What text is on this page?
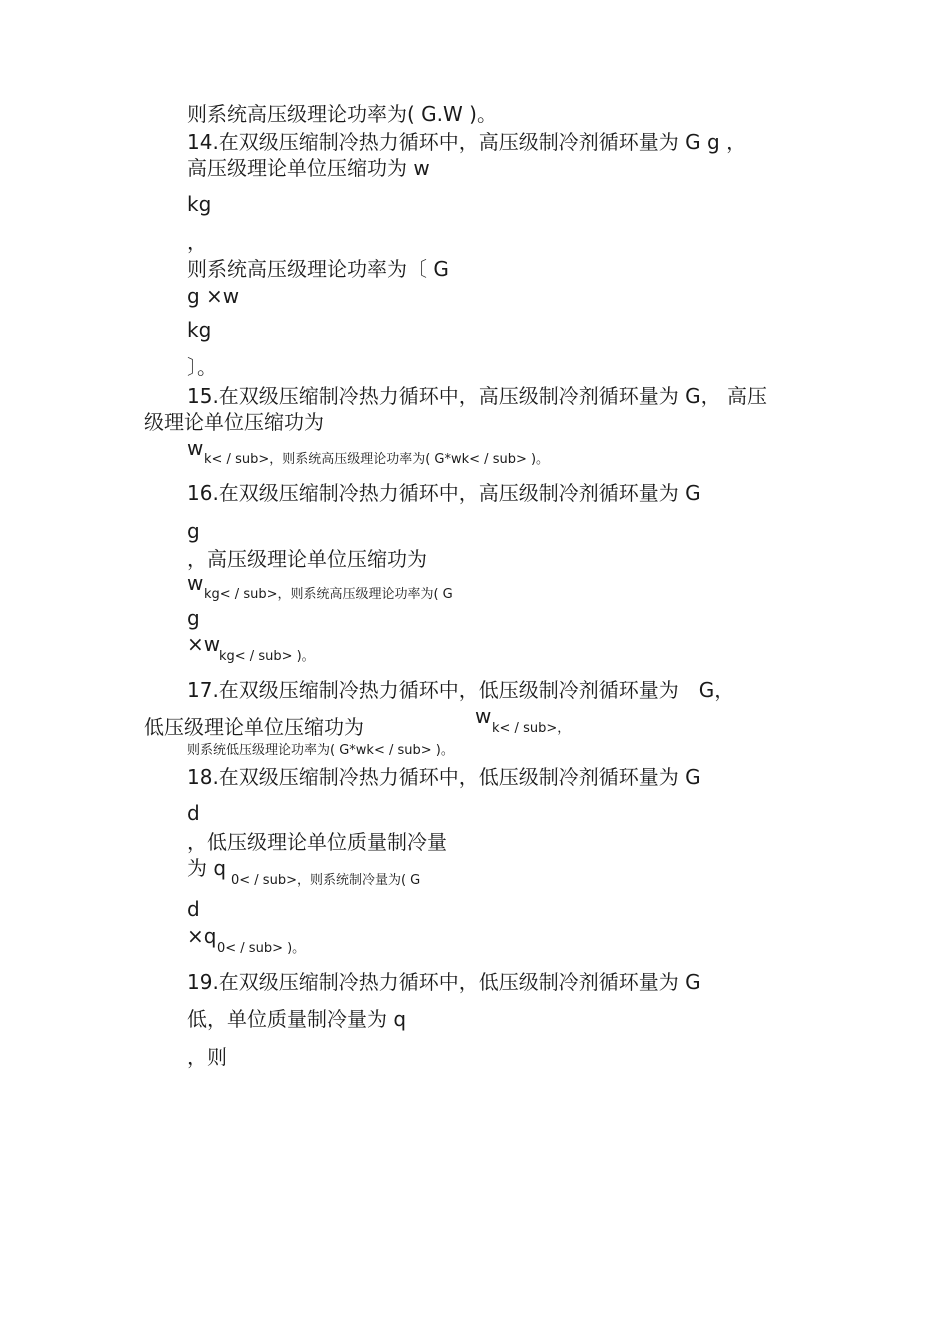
则系统高压级理论功率为( G.W )。
14.在双级压缩制冷热力循环中，高压级制冷剂循环量为 G g ，
高压级理论单位压缩功为 w
kg
，
则系统高压级理论功率为〔 G
g ×w
kg
〕。
15.在双级压缩制冷热力循环中，高压级制冷剂循环量为 G， 高压
级理论单位压缩功为
w k< / sub>，则系统高压级理论功率为( G*wk< / sub> )。
16.在双级压缩制冷热力循环中，高压级制冷剂循环量为 G
g
，高压级理论单位压缩功为
w kg< / sub>，则系统高压级理论功率为( G
g
×w
kg< / sub> )。
17.在双级压缩制冷热力循环中，低压级制冷剂循环量为　G，
低压级理论单位压缩功为	w
k< / sub>，
则系统低压级理论功率为( G*wk< / sub> )。
18.在双级压缩制冷热力循环中，低压级制冷剂循环量为 G
d
，低压级理论单位质量制冷量
为 q
0< / sub>，则系统制冷量为( G
d
×q
0< / sub> )。
19.在双级压缩制冷热力循环中，低压级制冷剂循环量为 G
低，单位质量制冷量为 q
，则
